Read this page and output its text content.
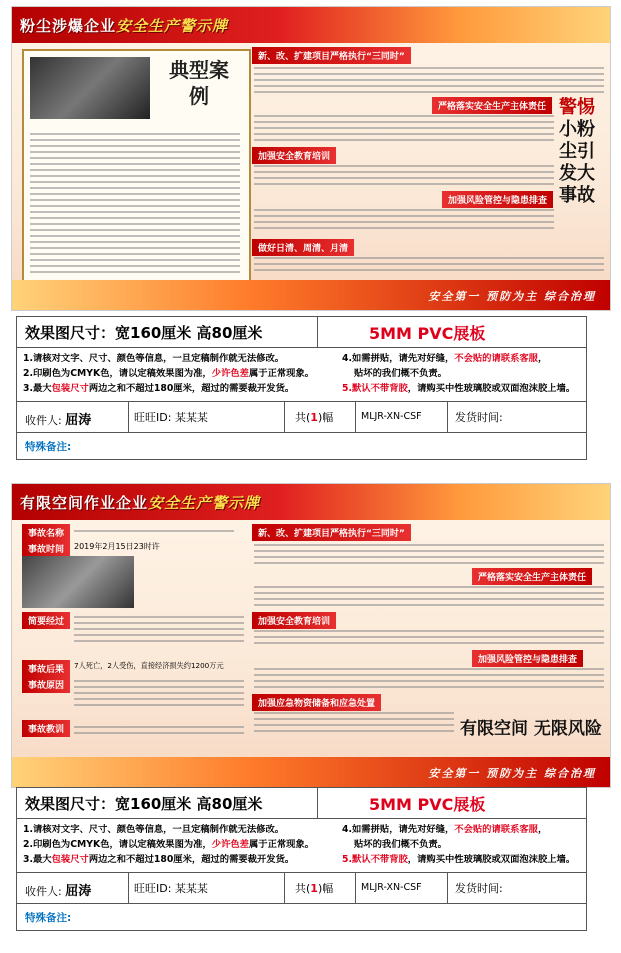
粉尘涉爆企业安全生产警示牌
典型案例
新、改、扩建项目严格执行“三同时”
严格落实安全生产主体责任
加强安全教育培训
加强风险管控与隐患排查
做好日清、周清、月清
警惕
小粉尘引发大事故
安全第一 预防为主 综合治理
效果图尺寸：宽160厘米 高80厘米	5MM PVC展板
1.请核对文字、尺寸、颜色等信息，一旦定稿制作就无法修改。
2.印刷色为CMYK色，请以定稿效果图为准，少许色差属于正常现象。
3.最大包装尺寸两边之和不超过180厘米，超过的需要裁开发货。
4.如需拼贴，请先对好缝，不会贴的请联系客服，
贴坏的我们概不负责。
5.默认不带背胶，请购买中性玻璃胶或双面泡沫胶上墙。
收件人: 屈涛	旺旺ID: 某某某	共(1)幅	MLJR-XN-CSF	发货时间:
特殊备注:
有限空间作业企业安全生产警示牌
事故名称
事故时间	2019年2月15日23时许
简要经过
事故后果	7人死亡，2人受伤，直接经济损失约1200万元
事故原因
事故教训
新、改、扩建项目严格执行“三同时”
严格落实安全生产主体责任
加强安全教育培训
加强风险管控与隐患排查
加强应急物资储备和应急处置
有限空间 无限风险
安全第一 预防为主 综合治理
效果图尺寸：宽160厘米 高80厘米	5MM PVC展板
1.请核对文字、尺寸、颜色等信息，一旦定稿制作就无法修改。
2.印刷色为CMYK色，请以定稿效果图为准，少许色差属于正常现象。
3.最大包装尺寸两边之和不超过180厘米，超过的需要裁开发货。
4.如需拼贴，请先对好缝，不会贴的请联系客服，
贴坏的我们概不负责。
5.默认不带背胶，请购买中性玻璃胶或双面泡沫胶上墙。
收件人: 屈涛	旺旺ID: 某某某	共(1)幅	MLJR-XN-CSF	发货时间:
特殊备注:
